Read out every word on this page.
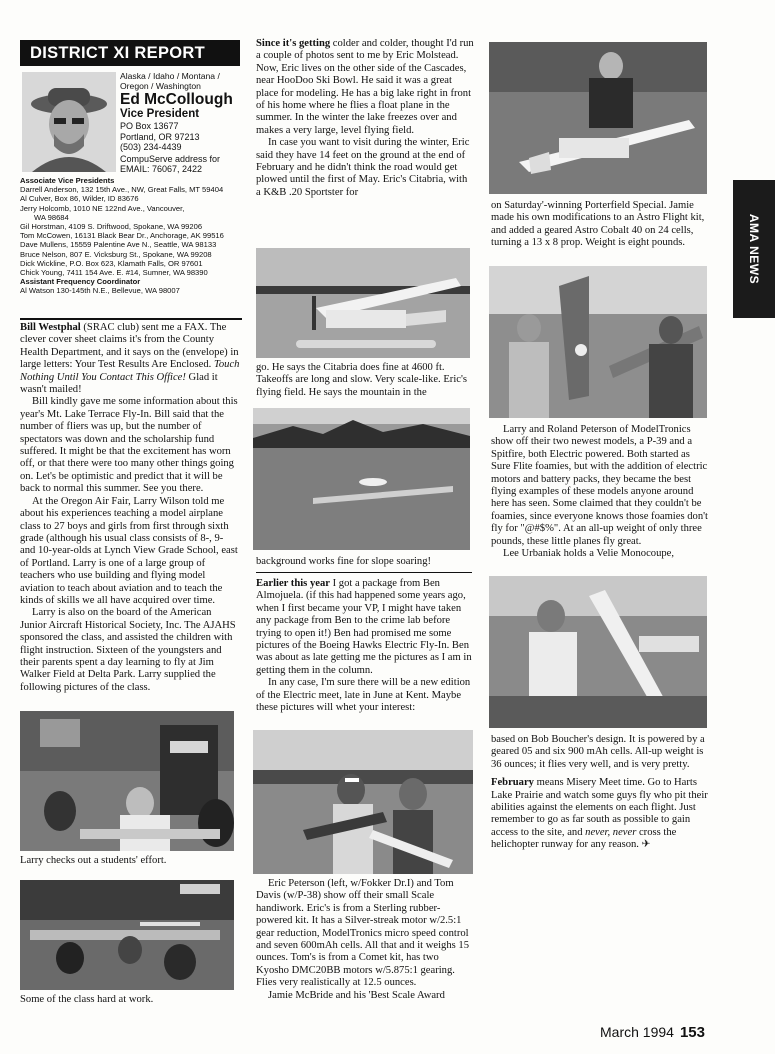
DISTRICT XI REPORT
Alaska / Idaho / Montana / Oregon / Washington
Ed McCollough
Vice President
PO Box 13677
Portland, OR 97213
(503) 234-4439
CompuServe address for
EMAIL: 76067, 2422
Associate Vice Presidents
Darrell Anderson, 132 15th Ave., NW, Great Falls, MT 59404
Al Culver, Box 86, Wilder, ID 83676
Jerry Holcomb, 1010 NE 122nd Ave., Vancouver,
WA 98684
Gil Horstman, 4109 S. Driftwood, Spokane, WA 99206
Tom McCowen, 16131 Black Bear Dr., Anchorage, AK 99516
Dave Mullens, 15559 Palentine Ave N., Seattle, WA 98133
Bruce Nelson, 807 E. Vicksburg St., Spokane, WA 99208
Dick Wickline, P.O. Box 623, Klamath Falls, OR 97601
Chick Young, 7411 154 Ave. E. #14, Sumner, WA 98390
Assistant Frequency Coordinator
Al Watson 130-145th N.E., Bellevue, WA 98007

Bill Westphal (SRAC club) sent me a FAX. The clever cover sheet claims it's from the County Health Department, and it says on the (envelope) in large letters: Your Test Results Are Enclosed. Touch Nothing Until You Contact This Office! Glad it wasn't mailed!

Bill kindly gave me some information about this year's Mt. Lake Terrace Fly-In. Bill said that the number of fliers was up, but the number of spectators was down and the scholarship fund suffered. It might be that the excitement has worn off, or that there were too many other things going on. Let's be optimistic and predict that it will be back to normal this summer. See you there.

At the Oregon Air Fair, Larry Wilson told me about his experiences teaching a model airplane class to 27 boys and girls from first through sixth grade (although his usual class consists of 8-, 9- and 10-year-olds at Lynch View Grade School, east of Portland. Larry is one of a large group of teachers who use building and flying model aviation to teach about aviation and to teach the kinds of skills we all have acquired over time.

Larry is also on the board of the American Junior Aircraft Historical Society, Inc. The AJAHS sponsored the class, and assisted the children with flight instruction. Sixteen of the youngsters and their parents spent a day learning to fly at Jim Walker Field at Delta Park. Larry supplied the following pictures of the class.

Larry checks out a students' effort.
Some of the class hard at work.

Since it's getting colder and colder, thought I'd run a couple of photos sent to me by Eric Molstead. Now, Eric lives on the other side of the Cascades, near HooDoo Ski Bowl. He said it was a great place for modeling. He has a big lake right in front of his home where he flies a float plane in the summer. In the winter the lake freezes over and makes a very large, level flying field.

In case you want to visit during the winter, Eric said they have 14 feet on the ground at the end of February and he didn't think the road would get plowed until the first of May. Eric's Citabria, with a K&B .20 Sportster for

go. He says the Citabria does fine at 4600 ft. Takeoffs are long and slow. Very scale-like. Eric's flying field. He says the mountain in the

background works fine for slope soaring!

Earlier this year I got a package from Ben Almojuela. (if this had happened some years ago, when I first became your VP, I might have taken any package from Ben to the crime lab before trying to open it!) Ben had promised me some pictures of the Boeing Hawks Electric Fly-In. Ben was about as late getting me the pictures as I am in getting them in the column.

In any case, I'm sure there will be a new edition of the Electric meet, late in June at Kent. Maybe these pictures will whet your interest:

Eric Peterson (left, w/Fokker Dr.I) and Tom Davis (w/P-38) show off their small Scale handiwork. Eric's is from a Sterling rubber-powered kit. It has a Silver-streak motor w/2.5:1 gear reduction, ModelTronics micro speed control and seven 600mAh cells. All that and it weighs 15 ounces. Tom's is from a Comet kit, has two Kyosho DMC20BB motors w/5.875:1 gearing. Flies very realistically at 12.5 ounces.

Jamie McBride and his 'Best Scale Award

on Saturday'-winning Porterfield Special. Jamie made his own modifications to an Astro Flight kit, and added a geared Astro Cobalt 40 on 24 cells, turning a 13 x 8 prop. Weight is eight pounds.

Larry and Roland Peterson of ModelTronics show off their two newest models, a P-39 and a Spitfire, both Electric powered. Both started as Sure Flite foamies, but with the addition of electric motors and battery packs, they became the best flying examples of these models anyone around here has seen. Some claimed that they couldn't be foamies, since everyone knows those foamies don't fly for "@#$%". At an all-up weight of only three pounds, these little planes fly great.

Lee Urbaniak holds a Velie Monocoupe,

based on Bob Boucher's design. It is powered by a geared 05 and six 900 mAh cells. All-up weight is 36 ounces; it flies very well, and is very pretty.

February means Misery Meet time. Go to Harts Lake Prairie and watch some guys fly who pit their abilities against the elements on each flight. Just remember to go as far south as possible to gain access to the site, and never, never cross the helichopter runway for any reason. ✈

AMA NEWS
March 1994 153
